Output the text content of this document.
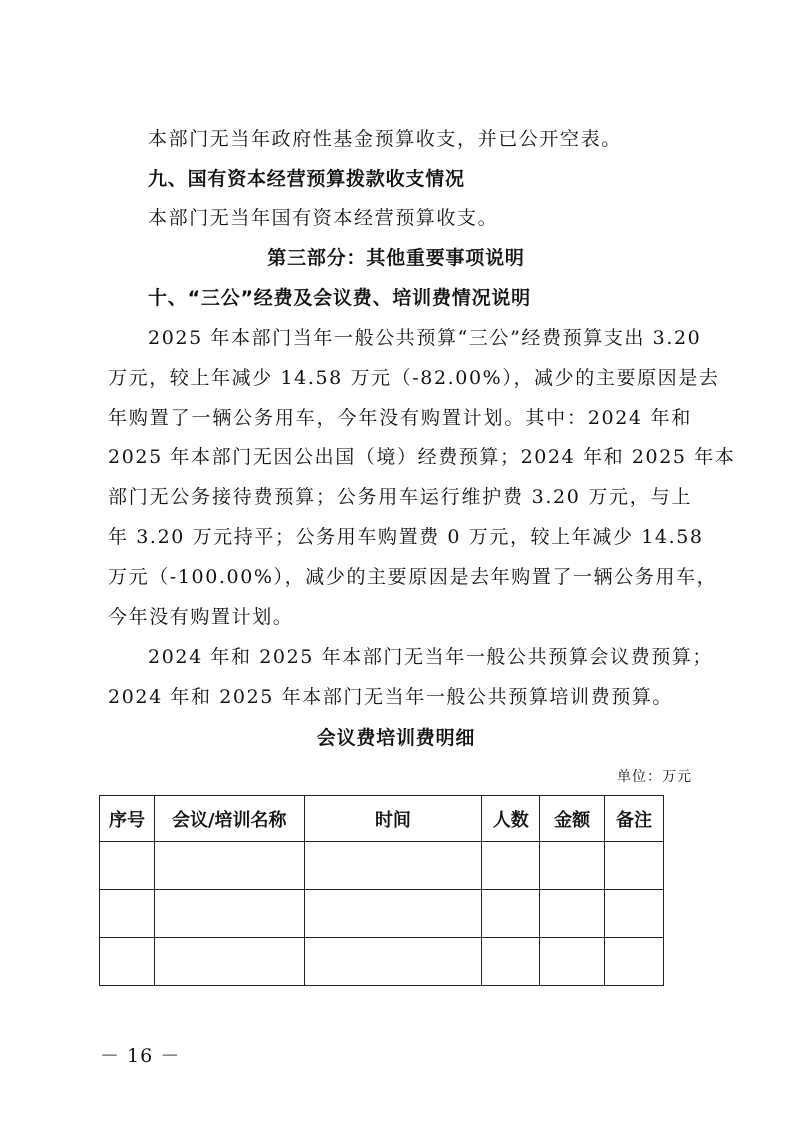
本部门无当年政府性基金预算收支，并已公开空表。
九、国有资本经营预算拨款收支情况
本部门无当年国有资本经营预算收支。
第三部分：其他重要事项说明
十、“三公”经费及会议费、培训费情况说明
2025 年本部门当年一般公共预算“三公”经费预算支出 3.20
万元，较上年减少 14.58 万元（-82.00%），减少的主要原因是去
年购置了一辆公务用车，今年没有购置计划。其中：2024 年和
2025 年本部门无因公出国（境）经费预算；2024 年和 2025 年本
部门无公务接待费预算；公务用车运行维护费 3.20 万元，与上
年 3.20 万元持平；公务用车购置费 0 万元，较上年减少 14.58
万元（-100.00%），减少的主要原因是去年购置了一辆公务用车，
今年没有购置计划。
2024 年和 2025 年本部门无当年一般公共预算会议费预算；
2024 年和 2025 年本部门无当年一般公共预算培训费预算。
会议费培训费明细
单位：万元
序号	会议/培训名称	时间	人数	金额	备注

－ 16 －
